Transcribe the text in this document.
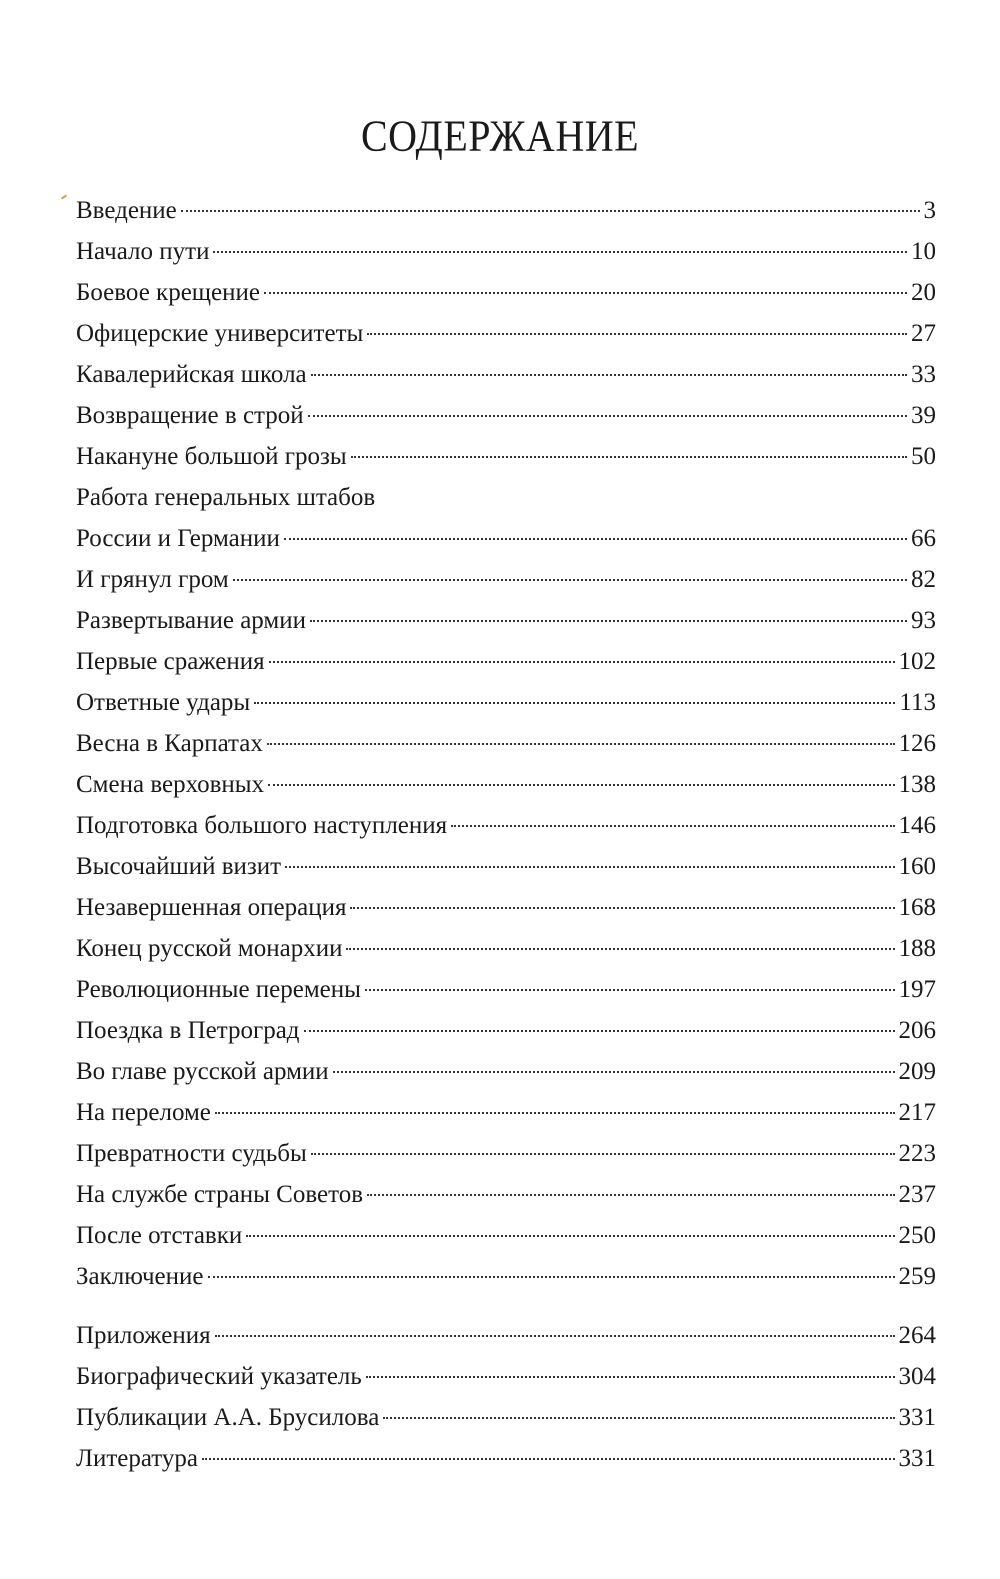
СОДЕРЖАНИЕ
Введение	3
Начало пути	10
Боевое крещение	20
Офицерские университеты	27
Кавалерийская школа	33
Возвращение в строй	39
Накануне большой грозы	50
Работа генеральных штабов
России и Германии	66
И грянул гром	82
Развертывание армии	93
Первые сражения	102
Ответные удары	113
Весна в Карпатах	126
Смена верховных	138
Подготовка большого наступления	146
Высочайший визит	160
Незавершенная операция	168
Конец русской монархии	188
Революционные перемены	197
Поездка в Петроград	206
Во главе русской армии	209
На переломе	217
Превратности судьбы	223
На службе страны Советов	237
После отставки	250
Заключение	259
Приложения	264
Биографический указатель	304
Публикации А.А. Брусилова	331
Литература	331
